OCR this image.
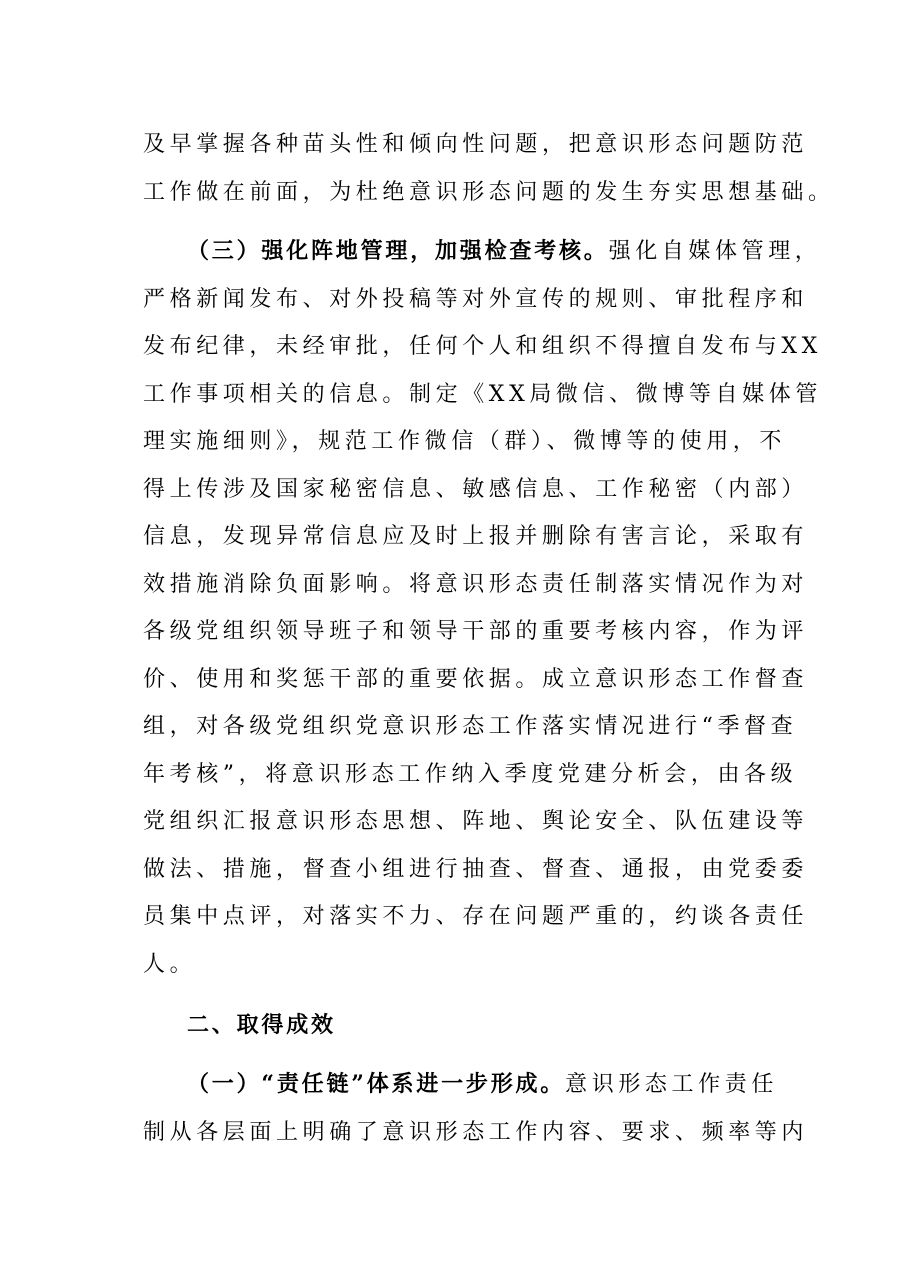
及早掌握各种苗头性和倾向性问题，把意识形态问题防范
工作做在前面，为杜绝意识形态问题的发生夯实思想基础。
（三）强化阵地管理，加强检查考核。强化自媒体管理，
严格新闻发布、对外投稿等对外宣传的规则、审批程序和
发布纪律，未经审批，任何个人和组织不得擅自发布与XX
工作事项相关的信息。制定《XX局微信、微博等自媒体管
理实施细则》，规范工作微信（群）、微博等的使用，不
得上传涉及国家秘密信息、敏感信息、工作秘密（内部）
信息，发现异常信息应及时上报并删除有害言论，采取有
效措施消除负面影响。将意识形态责任制落实情况作为对
各级党组织领导班子和领导干部的重要考核内容，作为评
价、使用和奖惩干部的重要依据。成立意识形态工作督查
组，对各级党组织党意识形态工作落实情况进行“季督查
年考核”，将意识形态工作纳入季度党建分析会，由各级
党组织汇报意识形态思想、阵地、舆论安全、队伍建设等
做法、措施，督查小组进行抽查、督查、通报，由党委委
员集中点评，对落实不力、存在问题严重的，约谈各责任
人。
二、取得成效
（一）“责任链”体系进一步形成。意识形态工作责任
制从各层面上明确了意识形态工作内容、要求、频率等内
